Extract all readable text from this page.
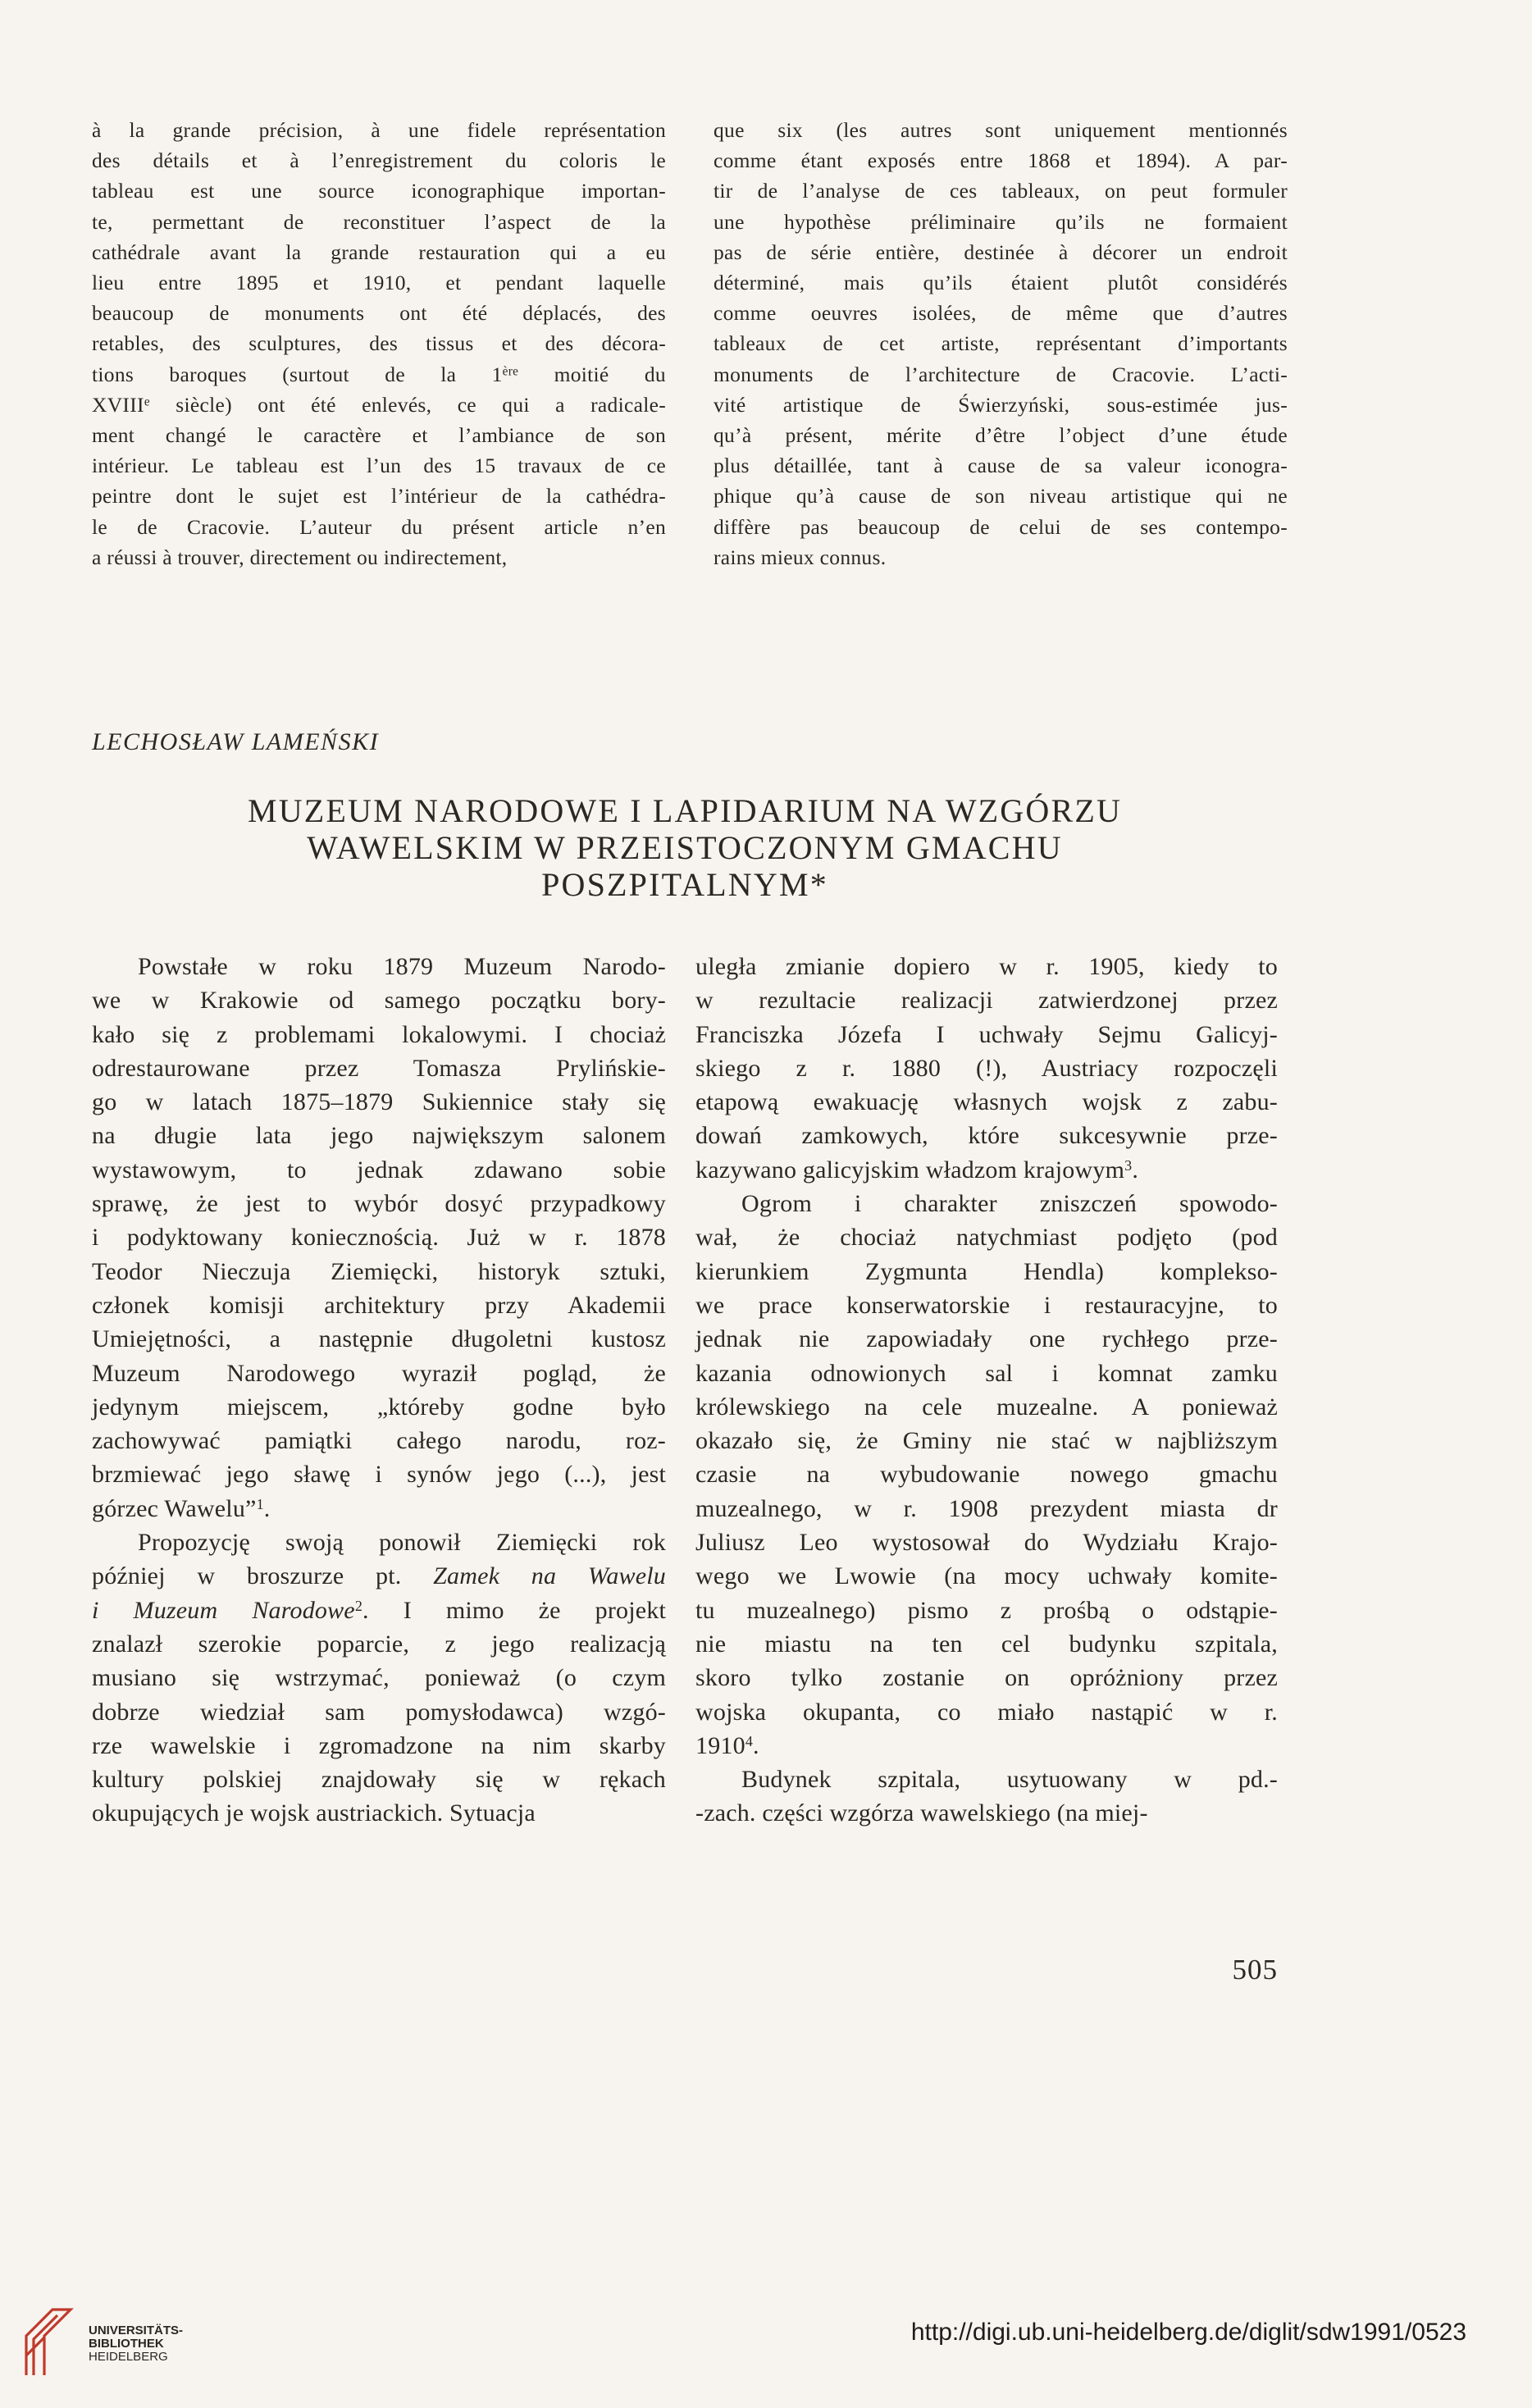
à la grande précision, à une fidele représentation
des détails et à l’enregistrement du coloris le
tableau est une source iconographique importan-
te, permettant de reconstituer l’aspect de la
cathédrale avant la grande restauration qui a eu
lieu entre 1895 et 1910, et pendant laquelle
beaucoup de monuments ont été déplacés, des
retables, des sculptures, des tissus et des décora-
tions baroques (surtout de la 1ère moitié du
XVIIIe siècle) ont été enlevés, ce qui a radicale-
ment changé le caractère et l’ambiance de son
intérieur. Le tableau est l’un des 15 travaux de ce
peintre dont le sujet est l’intérieur de la cathédra-
le de Cracovie. L’auteur du présent article n’en
a réussi à trouver, directement ou indirectement,
que six (les autres sont uniquement mentionnés
comme étant exposés entre 1868 et 1894). A par-
tir de l’analyse de ces tableaux, on peut formuler
une hypothèse préliminaire qu’ils ne formaient
pas de série entière, destinée à décorer un endroit
déterminé, mais qu’ils étaient plutôt considérés
comme oeuvres isolées, de même que d’autres
tableaux de cet artiste, représentant d’importants
monuments de l’architecture de Cracovie. L’acti-
vité artistique de Świerzyński, sous-estimée jus-
qu’à présent, mérite d’être l’object d’une étude
plus détaillée, tant à cause de sa valeur iconogra-
phique qu’à cause de son niveau artistique qui ne
diffère pas beaucoup de celui de ses contempo-
rains mieux connus.
LECHOSŁAW LAMEŃSKI
MUZEUM NARODOWE I LAPIDARIUM NA WZGÓRZU
WAWELSKIM W PRZEISTOCZONYM GMACHU
POSZPITALNYM*
Powstałe w roku 1879 Muzeum Narodo-
we w Krakowie od samego początku bory-
kało się z problemami lokalowymi. I chociaż
odrestaurowane przez Tomasza Prylińskie-
go w latach 1875–1879 Sukiennice stały się
na długie lata jego największym salonem
wystawowym, to jednak zdawano sobie
sprawę, że jest to wybór dosyć przypadkowy
i podyktowany koniecznością. Już w r. 1878
Teodor Nieczuja Ziemięcki, historyk sztuki,
członek komisji architektury przy Akademii
Umiejętności, a następnie długoletni kustosz
Muzeum Narodowego wyraził pogląd, że
jedynym miejscem, „któreby godne było
zachowywać pamiątki całego narodu, roz-
brzmiewać jego sławę i synów jego (...), jest
górzec Wawelu”$^1$.
Propozycję swoją ponowił Ziemięcki rok
później w broszurze pt. Zamek na Wawelu
i Muzeum Narodowe$^2$. I mimo że projekt
znalazł szerokie poparcie, z jego realizacją
musiano się wstrzymać, ponieważ (o czym
dobrze wiedział sam pomysłodawca) wzgó-
rze wawelskie i zgromadzone na nim skarby
kultury polskiej znajdowały się w rękach
okupujących je wojsk austriackich. Sytuacja
uległa zmianie dopiero w r. 1905, kiedy to
w rezultacie realizacji zatwierdzonej przez
Franciszka Józefa I uchwały Sejmu Galicyj-
skiego z r. 1880 (!), Austriacy rozpoczęli
etapową ewakuację własnych wojsk z zabu-
dowań zamkowych, które sukcesywnie prze-
kazywano galicyjskim władzom krajowym$^3$.
Ogrom i charakter zniszczeń spowodo-
wał, że chociaż natychmiast podjęto (pod
kierunkiem Zygmunta Hendla) kompleksо-
we prace konserwatorskie i restauracyjne, to
jednak nie zapowiadały one rychłego prze-
kazania odnowionych sal i komnat zamku
królewskiego na cele muzealne. A ponieważ
okazało się, że Gminy nie stać w najbliższym
czasie na wybudowanie nowego gmachu
muzealnego, w r. 1908 prezydent miasta dr
Juliusz Leo wystosował do Wydziału Krajo-
wego we Lwowie (na mocy uchwały komite-
tu muzealnego) pismo z prośbą o odstąpie-
nie miastu na ten cel budynku szpitala,
skoro tylko zostanie on opróżniony przez
wojska okupanta, co miało nastąpić w r.
1910$^4$.
Budynek szpitala, usytuowany w pd.-
-zach. części wzgórza wawelskiego (na miej-
505
UNIVERSITÄTS-
BIBLIOTHEK
HEIDELBERG
http://digi.ub.uni-heidelberg.de/diglit/sdw1991/0523
